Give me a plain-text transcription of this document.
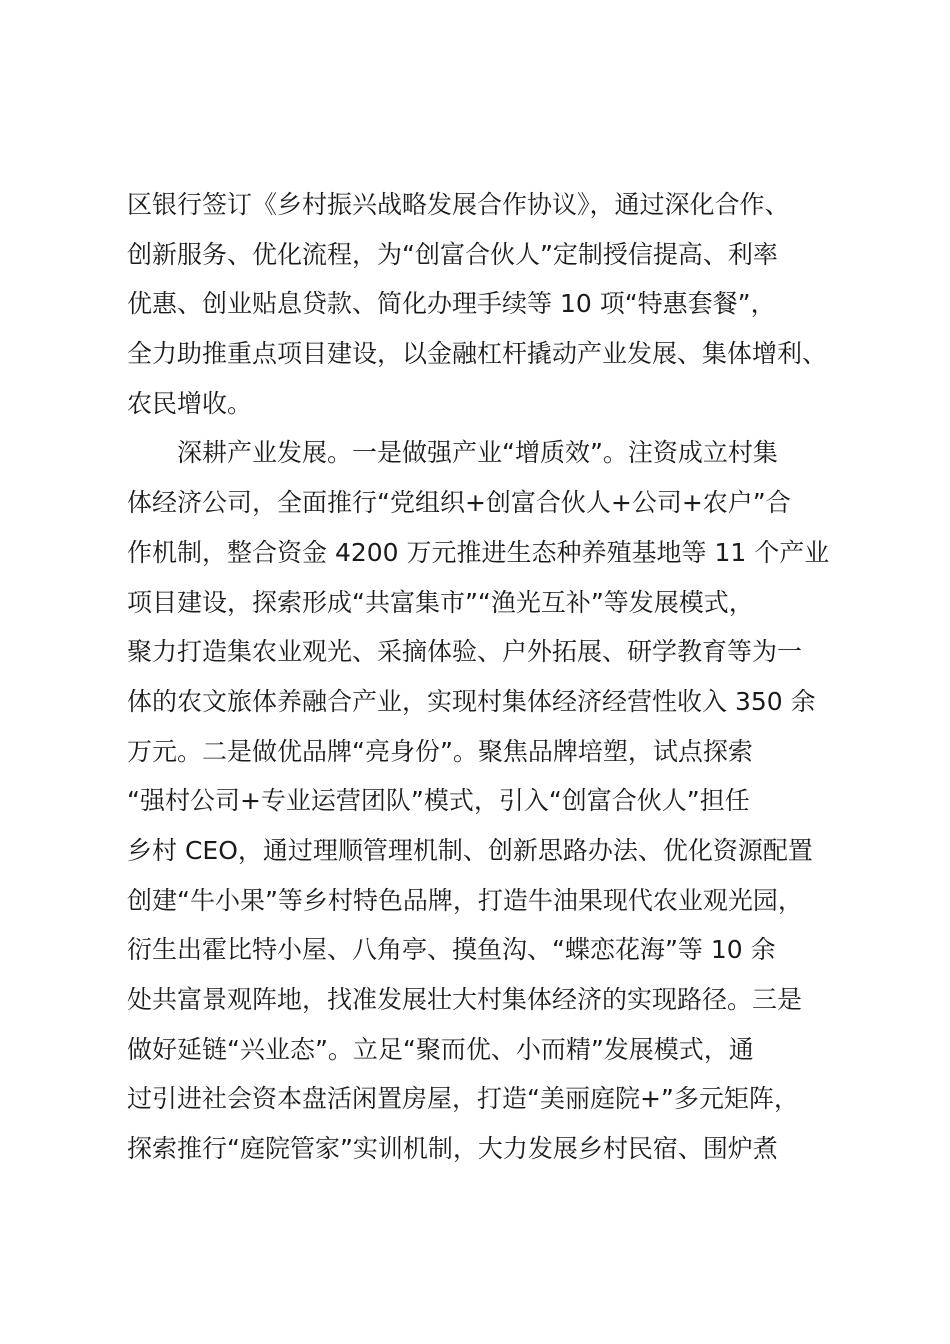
区银行签订《乡村振兴战略发展合作协议》，通过深化合作、
创新服务、优化流程，为“创富合伙人”定制授信提高、利率
优惠、创业贴息贷款、简化办理手续等 10 项“特惠套餐”，
全力助推重点项目建设，以金融杠杆撬动产业发展、集体增利、
农民增收。
　　深耕产业发展。一是做强产业“增质效”。注资成立村集
体经济公司，全面推行“党组织+创富合伙人+公司+农户”合
作机制，整合资金 4200 万元推进生态种养殖基地等 11 个产业
项目建设，探索形成“共富集市”“渔光互补”等发展模式，
聚力打造集农业观光、采摘体验、户外拓展、研学教育等为一
体的农文旅体养融合产业，实现村集体经济经营性收入 350 余
万元。二是做优品牌“亮身份”。聚焦品牌培塑，试点探索
“强村公司+专业运营团队”模式，引入“创富合伙人”担任
乡村 CEO，通过理顺管理机制、创新思路办法、优化资源配置
创建“牛小果”等乡村特色品牌，打造牛油果现代农业观光园，
衍生出霍比特小屋、八角亭、摸鱼沟、“蝶恋花海”等 10 余
处共富景观阵地，找准发展壮大村集体经济的实现路径。三是
做好延链“兴业态”。立足“聚而优、小而精”发展模式，通
过引进社会资本盘活闲置房屋，打造“美丽庭院+”多元矩阵，
探索推行“庭院管家”实训机制，大力发展乡村民宿、围炉煮
